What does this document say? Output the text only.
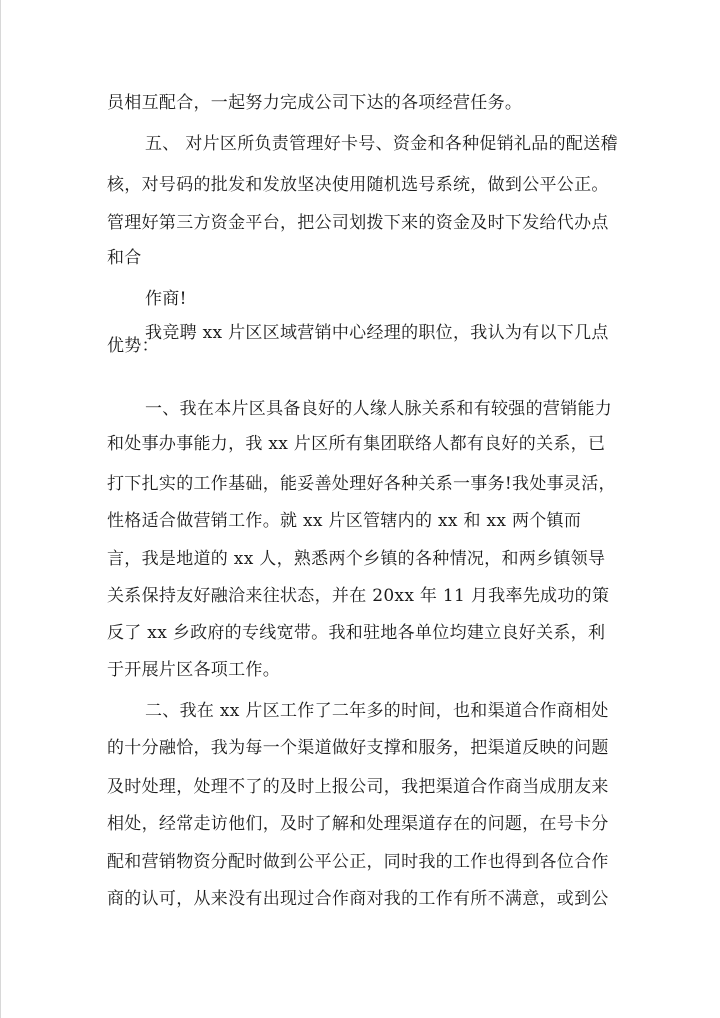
员相互配合，一起努力完成公司下达的各项经营任务。
五、 对片区所负责管理好卡号、资金和各种促销礼品的配送稽
核，对号码的批发和发放坚决使用随机选号系统，做到公平公正。
管理好第三方资金平台，把公司划拨下来的资金及时下发给代办点
和合
作商!
我竞聘 xx 片区区域营销中心经理的职位，我认为有以下几点
优势：
一、我在本片区具备良好的人缘人脉关系和有较强的营销能力
和处事办事能力，我 xx 片区所有集团联络人都有良好的关系，已
打下扎实的工作基础，能妥善处理好各种关系一事务!我处事灵活，
性格适合做营销工作。就 xx 片区管辖内的 xx 和 xx 两个镇而
言，我是地道的 xx 人，熟悉两个乡镇的各种情况，和两乡镇领导
关系保持友好融洽来往状态，并在 20xx 年 11 月我率先成功的策
反了 xx 乡政府的专线宽带。我和驻地各单位均建立良好关系，利
于开展片区各项工作。
二、我在 xx 片区工作了二年多的时间，也和渠道合作商相处
的十分融恰，我为每一个渠道做好支撑和服务，把渠道反映的问题
及时处理，处理不了的及时上报公司，我把渠道合作商当成朋友来
相处，经常走访他们，及时了解和处理渠道存在的问题，在号卡分
配和营销物资分配时做到公平公正，同时我的工作也得到各位合作
商的认可，从来没有出现过合作商对我的工作有所不满意，或到公
